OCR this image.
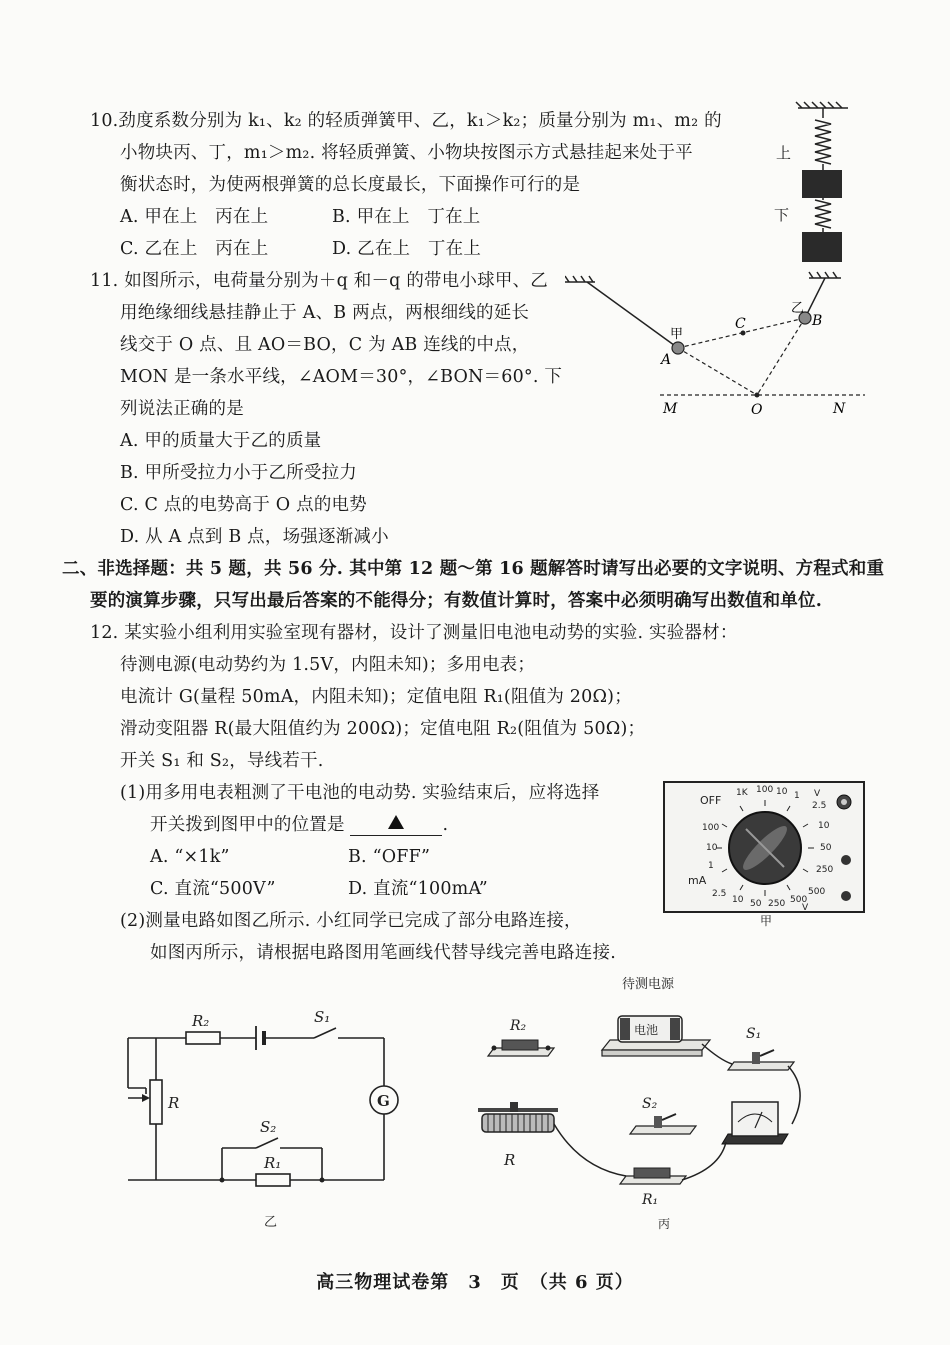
10.劲度系数分别为 k₁、k₂ 的轻质弹簧甲、乙，k₁＞k₂；质量分别为 m₁、m₂ 的
小物块丙、丁，m₁＞m₂. 将轻质弹簧、小物块按图示方式悬挂起来处于平
衡状态时，为使两根弹簧的总长度最长，下面操作可行的是
A. 甲在上　丙在上	B. 甲在上　丁在上
C. 乙在上　丙在上	D. 乙在上　丁在上
上
下
11. 如图所示，电荷量分别为＋q 和－q 的带电小球甲、乙
用绝缘细线悬挂静止于 A、B 两点，两根细线的延长
线交于 O 点、且 AO＝BO，C 为 AB 连线的中点，
MON 是一条水平线，∠AOM＝30°，∠BON＝60°. 下
列说法正确的是
A. 甲的质量大于乙的质量
B. 甲所受拉力小于乙所受拉力
C. C 点的电势高于 O 点的电势
D. 从 A 点到 B 点，场强逐渐减小
甲
乙
A
B
C
M	O	N
二、非选择题：共 5 题，共 56 分. 其中第 12 题～第 16 题解答时请写出必要的文字说明、方程式和重
要的演算步骤，只写出最后答案的不能得分；有数值计算时，答案中必须明确写出数值和单位.
12. 某实验小组利用实验室现有器材，设计了测量旧电池电动势的实验. 实验器材：
待测电源(电动势约为 1.5V，内阻未知)；多用电表；
电流计 G(量程 50mA，内阻未知)；定值电阻 R₁(阻值为 20Ω)；
滑动变阻器 R(最大阻值约为 200Ω)；定值电阻 R₂(阻值为 50Ω)；
开关 S₁ 和 S₂，导线若干.
(1)用多用电表粗测了干电池的电动势. 实验结束后，应将选择
开关拨到图甲中的位置是	.
A. “×1k”	B. “OFF”
C. 直流“500V”	D. 直流“100mA”
(2)测量电路如图乙所示. 小红同学已完成了部分电路连接，
如图丙所示，请根据电路图用笔画线代替导线完善电路连接.
OFF
1K 100 10 1 V
2.5
10
50
250
500
100
10
1
mA
2.5
10 50 250 500
V
甲
R₂	S₁
R
S₂
R₁
G
乙
待测电源
电池
R₂	S₁
S₂
R
R₁
丙
高三物理试卷第　3　页　（共 6 页）
